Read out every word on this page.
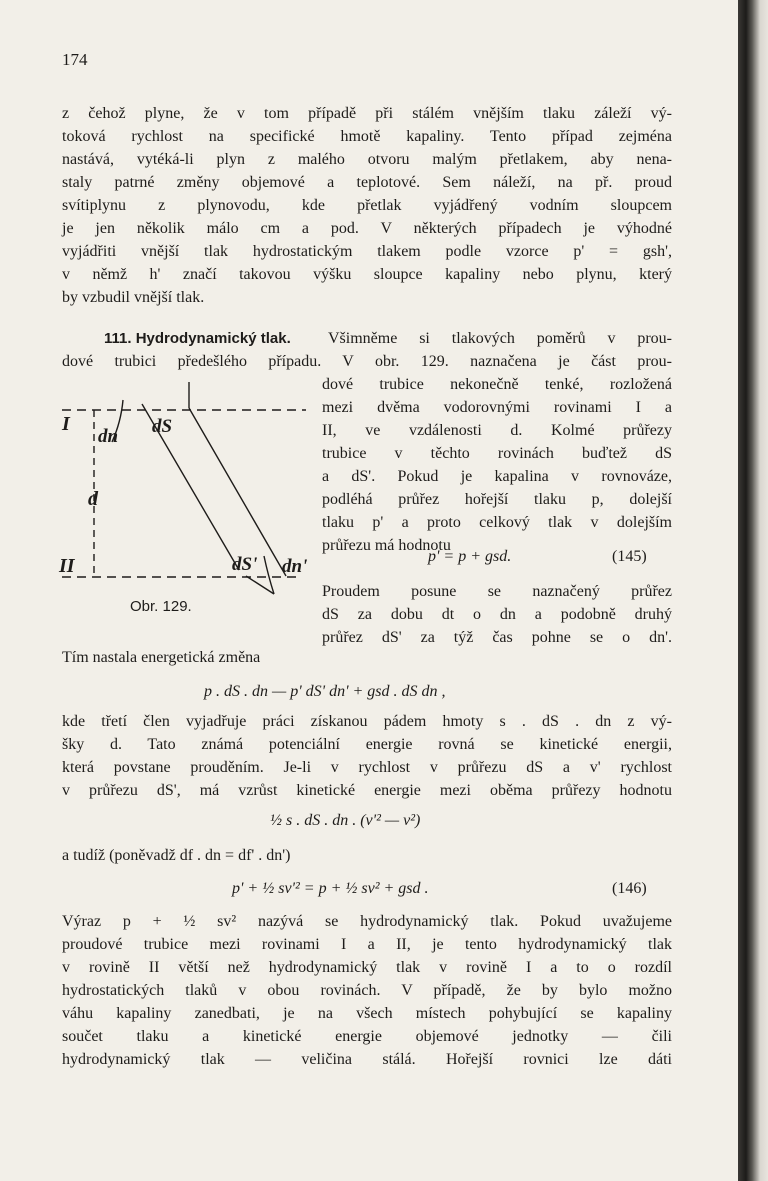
174
z čehož plyne, že v tom případě při stálém vnějším tlaku záleží vý-
toková rychlost na specifické hmotě kapaliny. Tento případ zejména
nastává, vytéká-li plyn z malého otvoru malým přetlakem, aby nena-
staly patrné změny objemové a teplotové. Sem náleží, na př. proud
svítiplynu z plynovodu, kde přetlak vyjádřený vodním sloupcem
je jen několik málo cm a pod. V některých případech je výhodné
vyjádřiti vnější tlak hydrostatickým tlakem podle vzorce p' = gsh',
v němž h' značí takovou výšku sloupce kapaliny nebo plynu, který
by vzbudil vnější tlak.
111. Hydrodynamický tlak. Všimněme si tlakových poměrů v prou-
dové trubici předešlého případu. V obr. 129. naznačena je část prou-
dové trubice nekonečně tenké, rozložená
mezi dvěma vodorovnými rovinami I a
II, ve vzdálenosti d. Kolmé průřezy
trubice v těchto rovinách buďtež dS
a dS'. Pokud je kapalina v rovnováze,
podléhá průřez hořejší tlaku p, dolejší
tlaku p' a proto celkový tlak v dolejším
průřezu má hodnotu
p' = p + gsd.	(145)
Proudem posune se naznačený průřez
dS za dobu dt o dn a podobně druhý
průřez dS' za týž čas pohne se o dn'.
I
II
d
dn dS
dS' dn'
Obr. 129.
Tím nastala energetická změna
p . dS . dn — p' dS' dn' + gsd . dS dn ,
kde třetí člen vyjadřuje práci získanou pádem hmoty s . dS . dn z vý-
šky d. Tato známá potenciální energie rovná se kinetické energii,
která povstane prouděním. Je-li v rychlost v průřezu dS a v' rychlost
v průřezu dS', má vzrůst kinetické energie mezi oběma průřezy hodnotu
½ s . dS . dn . (v'² — v²)
a tudíž (poněvadž df . dn = df' . dn')
p' + ½ sv'² = p + ½ sv² + gsd .	(146)
Výraz p + ½ sv² nazývá se hydrodynamický tlak. Pokud uvažujeme
proudové trubice mezi rovinami I a II, je tento hydrodynamický tlak
v rovině II větší než hydrodynamický tlak v rovině I a to o rozdíl
hydrostatických tlaků v obou rovinách. V případě, že by bylo možno
váhu kapaliny zanedbati, je na všech místech pohybující se kapaliny
součet tlaku a kinetické energie objemové jednotky — čili
hydrodynamický tlak — veličina stálá. Hořejší rovnici lze dáti
